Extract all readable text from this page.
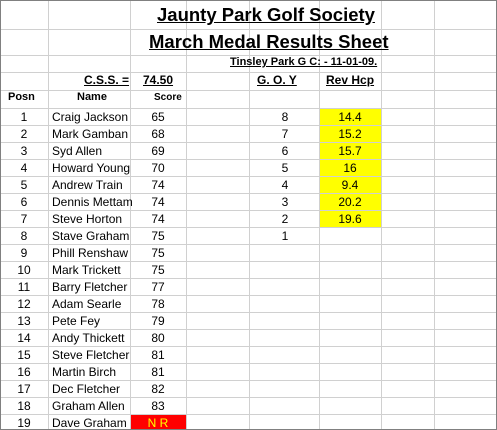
Jaunty Park Golf Society
March Medal Results Sheet
Tinsley Park G C: - 11-01-09.
C.S.S. = 74.50	G. O. Y Rev Hcp
Posn	Name	Score
1	Craig Jackson	65	8	14.4
2	Mark Gamban	68	7	15.2
3	Syd Allen	69	6	15.7
4	Howard Young	70	5	16
5	Andrew Train	74	4	9.4
6	Dennis Mettam	74	3	20.2
7	Steve Horton	74	2	19.6
8	Stave Graham	75	1
9	Phill Renshaw	75
10	Mark Trickett	75
11	Barry Fletcher	77
12	Adam Searle	78
13	Pete Fey	79
14	Andy Thickett	80
15	Steve Fletcher	81
16	Martin Birch	81
17	Dec Fletcher	82
18	Graham Allen	83
19	Dave Graham	N R
